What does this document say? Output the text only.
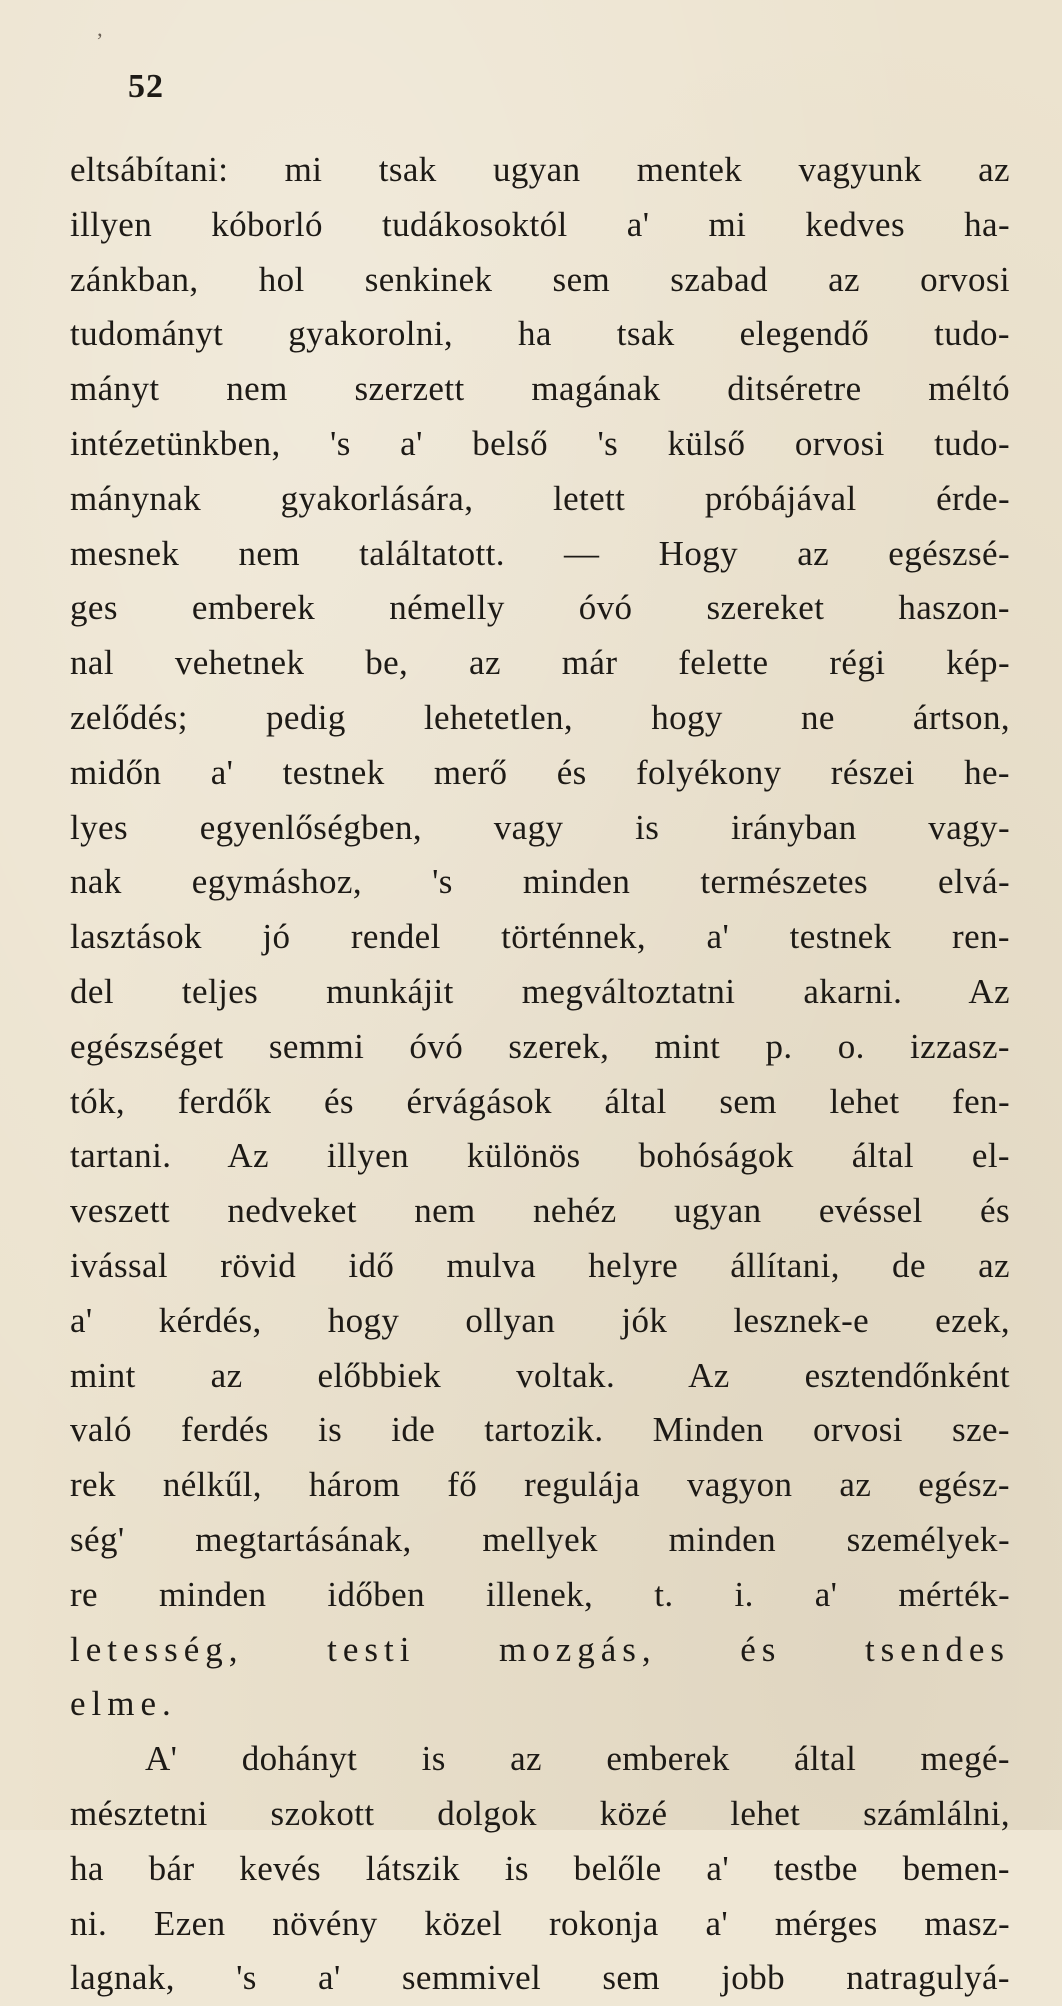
’
52
eltsábítani: mi tsak ugyan mentek vagyunk az
illyen kóborló tudákosoktól a' mi kedves ha-
zánkban, hol senkinek sem szabad az orvosi
tudományt gyakorolni, ha tsak elegendő tudo-
mányt nem szerzett magának ditséretre méltó
intézetünkben, 's a' belső 's külső orvosi tudo-
mánynak gyakorlására, letett próbájával érde-
mesnek nem találtatott. — Hogy az egészsé-
ges emberek némelly óvó szereket haszon-
nal vehetnek be, az már felette régi kép-
zelődés; pedig lehetetlen, hogy ne ártson,
midőn a' testnek merő és folyékony részei he-
lyes egyenlőségben, vagy is irányban vagy-
nak egymáshoz, 's minden természetes elvá-
lasztások jó rendel történnek, a' testnek ren-
del teljes munkájit megváltoztatni akarni. Az
egészséget semmi óvó szerek, mint p. o. izzasz-
tók, ferdők és érvágások által sem lehet fen-
tartani. Az illyen különös bohóságok által el-
veszett nedveket nem nehéz ugyan evéssel és
ivással rövid idő mulva helyre állítani, de az
a' kérdés, hogy ollyan jók lesznek-e ezek,
mint az előbbiek voltak. Az esztendőnként
való ferdés is ide tartozik. Minden orvosi sze-
rek nélkűl, három fő regulája vagyon az egész-
ség' megtartásának, mellyek minden személyek-
re minden időben illenek, t. i. a' mérték-
letesség, testi mozgás, és tsendes
elme.
A' dohányt is az emberek által megé-
mésztetni szokott dolgok közé lehet számlálni,
ha bár kevés látszik is belőle a' testbe bemen-
ni. Ezen növény közel rokonja a' mérges masz-
lagnak, 's a' semmivel sem jobb natragulyá-
